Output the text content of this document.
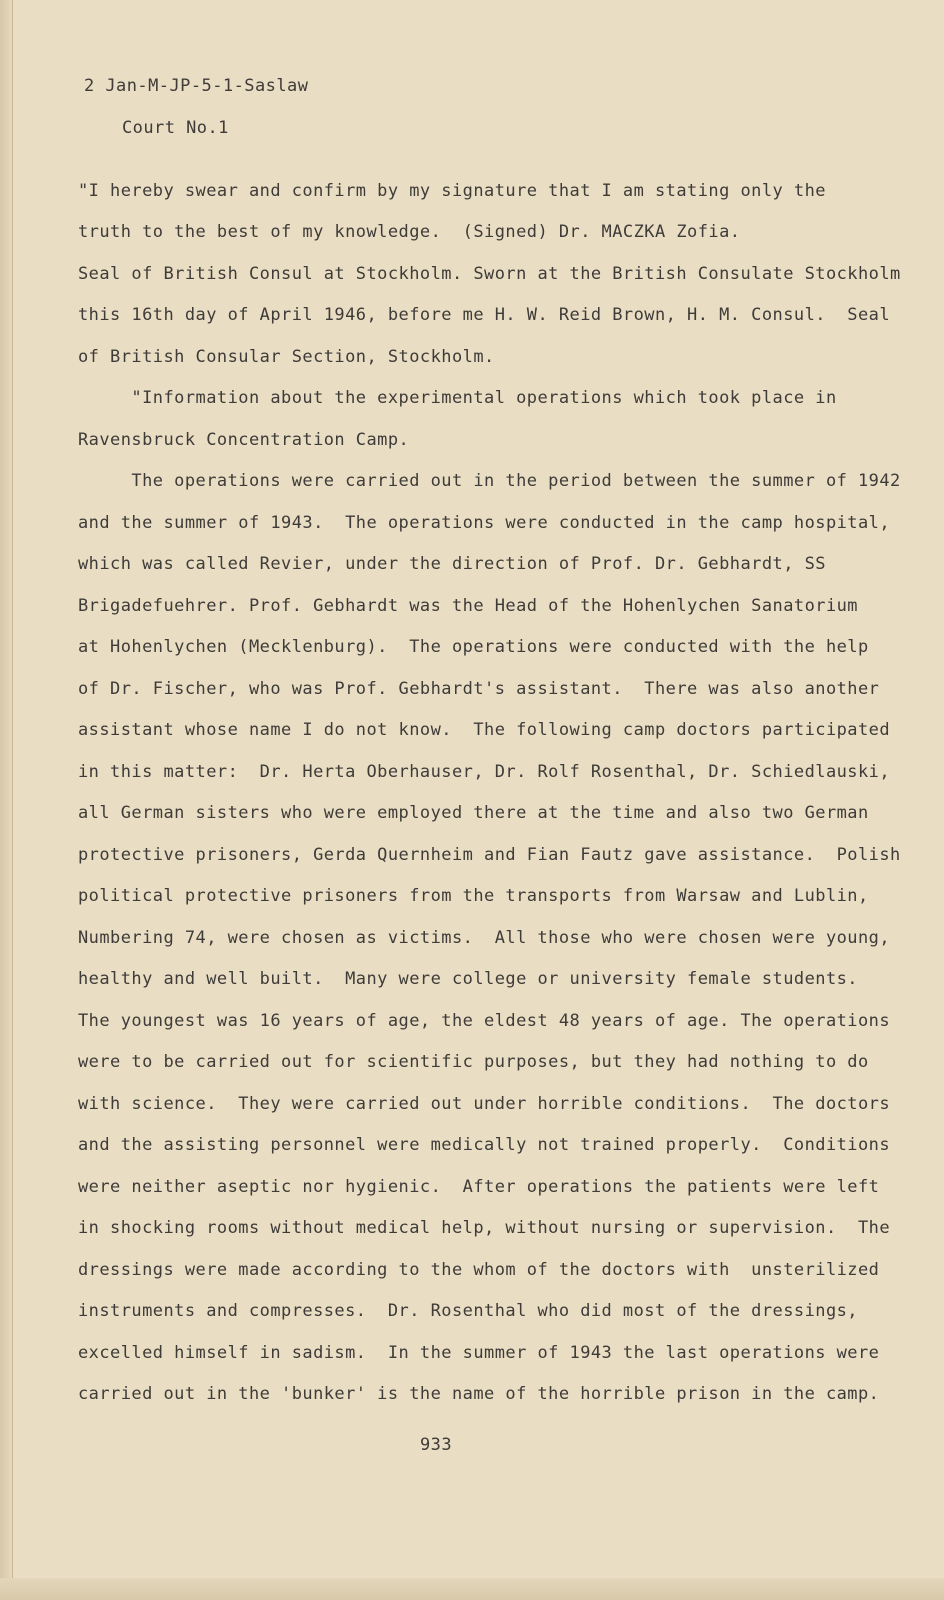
2 Jan-M-JP-5-1-Saslaw
Court No.1
"I hereby swear and confirm by my signature that I am stating only the
truth to the best of my knowledge.  (Signed) Dr. MACZKA Zofia.
Seal of British Consul at Stockholm. Sworn at the British Consulate Stockholm
this 16th day of April 1946, before me H. W. Reid Brown, H. M. Consul.  Seal
of British Consular Section, Stockholm.
"Information about the experimental operations which took place in
Ravensbruck Concentration Camp.
The operations were carried out in the period between the summer of 1942
and the summer of 1943.  The operations were conducted in the camp hospital,
which was called Revier, under the direction of Prof. Dr. Gebhardt, SS
Brigadefuehrer. Prof. Gebhardt was the Head of the Hohenlychen Sanatorium
at Hohenlychen (Mecklenburg).  The operations were conducted with the help
of Dr. Fischer, who was Prof. Gebhardt's assistant.  There was also another
assistant whose name I do not know.  The following camp doctors participated
in this matter:  Dr. Herta Oberhauser, Dr. Rolf Rosenthal, Dr. Schiedlauski,
all German sisters who were employed there at the time and also two German
protective prisoners, Gerda Quernheim and Fian Fautz gave assistance.  Polish
political protective prisoners from the transports from Warsaw and Lublin,
Numbering 74, were chosen as victims.  All those who were chosen were young,
healthy and well built.  Many were college or university female students.
The youngest was 16 years of age, the eldest 48 years of age. The operations
were to be carried out for scientific purposes, but they had nothing to do
with science.  They were carried out under horrible conditions.  The doctors
and the assisting personnel were medically not trained properly.  Conditions
were neither aseptic nor hygienic.  After operations the patients were left
in shocking rooms without medical help, without nursing or supervision.  The
dressings were made according to the whom of the doctors with  unsterilized
instruments and compresses.  Dr. Rosenthal who did most of the dressings,
excelled himself in sadism.  In the summer of 1943 the last operations were
carried out in the 'bunker' is the name of the horrible prison in the camp.
933
